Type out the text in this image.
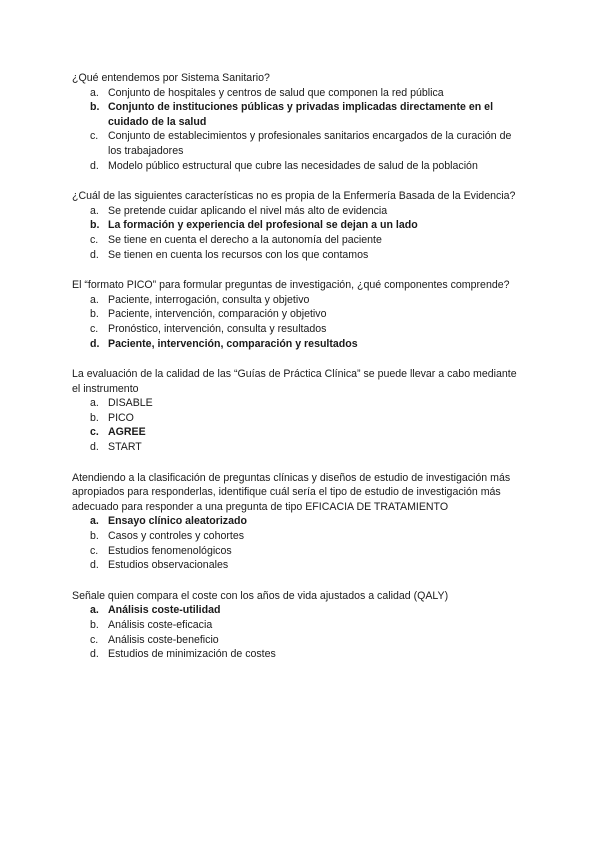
¿Qué entendemos por Sistema Sanitario?

a. Conjunto de hospitales y centros de salud que componen la red pública
b. Conjunto de instituciones públicas y privadas implicadas directamente en el cuidado de la salud
c. Conjunto de establecimientos y profesionales sanitarios encargados de la curación de los trabajadores
d. Modelo público estructural que cubre las necesidades de salud de la población

¿Cuál de las siguientes características no es propia de la Enfermería Basada de la Evidencia?

a. Se pretende cuidar aplicando el nivel más alto de evidencia
b. La formación y experiencia del profesional se dejan a un lado
c. Se tiene en cuenta el derecho a la autonomía del paciente
d. Se tienen en cuenta los recursos con los que contamos

El “formato PICO” para formular preguntas de investigación, ¿qué componentes comprende?

a. Paciente, interrogación, consulta y objetivo
b. Paciente, intervención, comparación y objetivo
c. Pronóstico, intervención, consulta y resultados
d. Paciente, intervención, comparación y resultados

La evaluación de la calidad de las “Guías de Práctica Clínica” se puede llevar a cabo mediante el instrumento

a. DISABLE
b. PICO
c. AGREE
d. START

Atendiendo a la clasificación de preguntas clínicas y diseños de estudio de investigación más apropiados para responderlas, identifique cuál sería el tipo de estudio de investigación más adecuado para responder a una pregunta de tipo EFICACIA DE TRATAMIENTO

a. Ensayo clínico aleatorizado
b. Casos y controles y cohortes
c. Estudios fenomenológicos
d. Estudios observacionales

Señale quien compara el coste con los años de vida ajustados a calidad (QALY)

a. Análisis coste-utilidad
b. Análisis coste-eficacia
c. Análisis coste-beneficio
d. Estudios de minimización de costes
